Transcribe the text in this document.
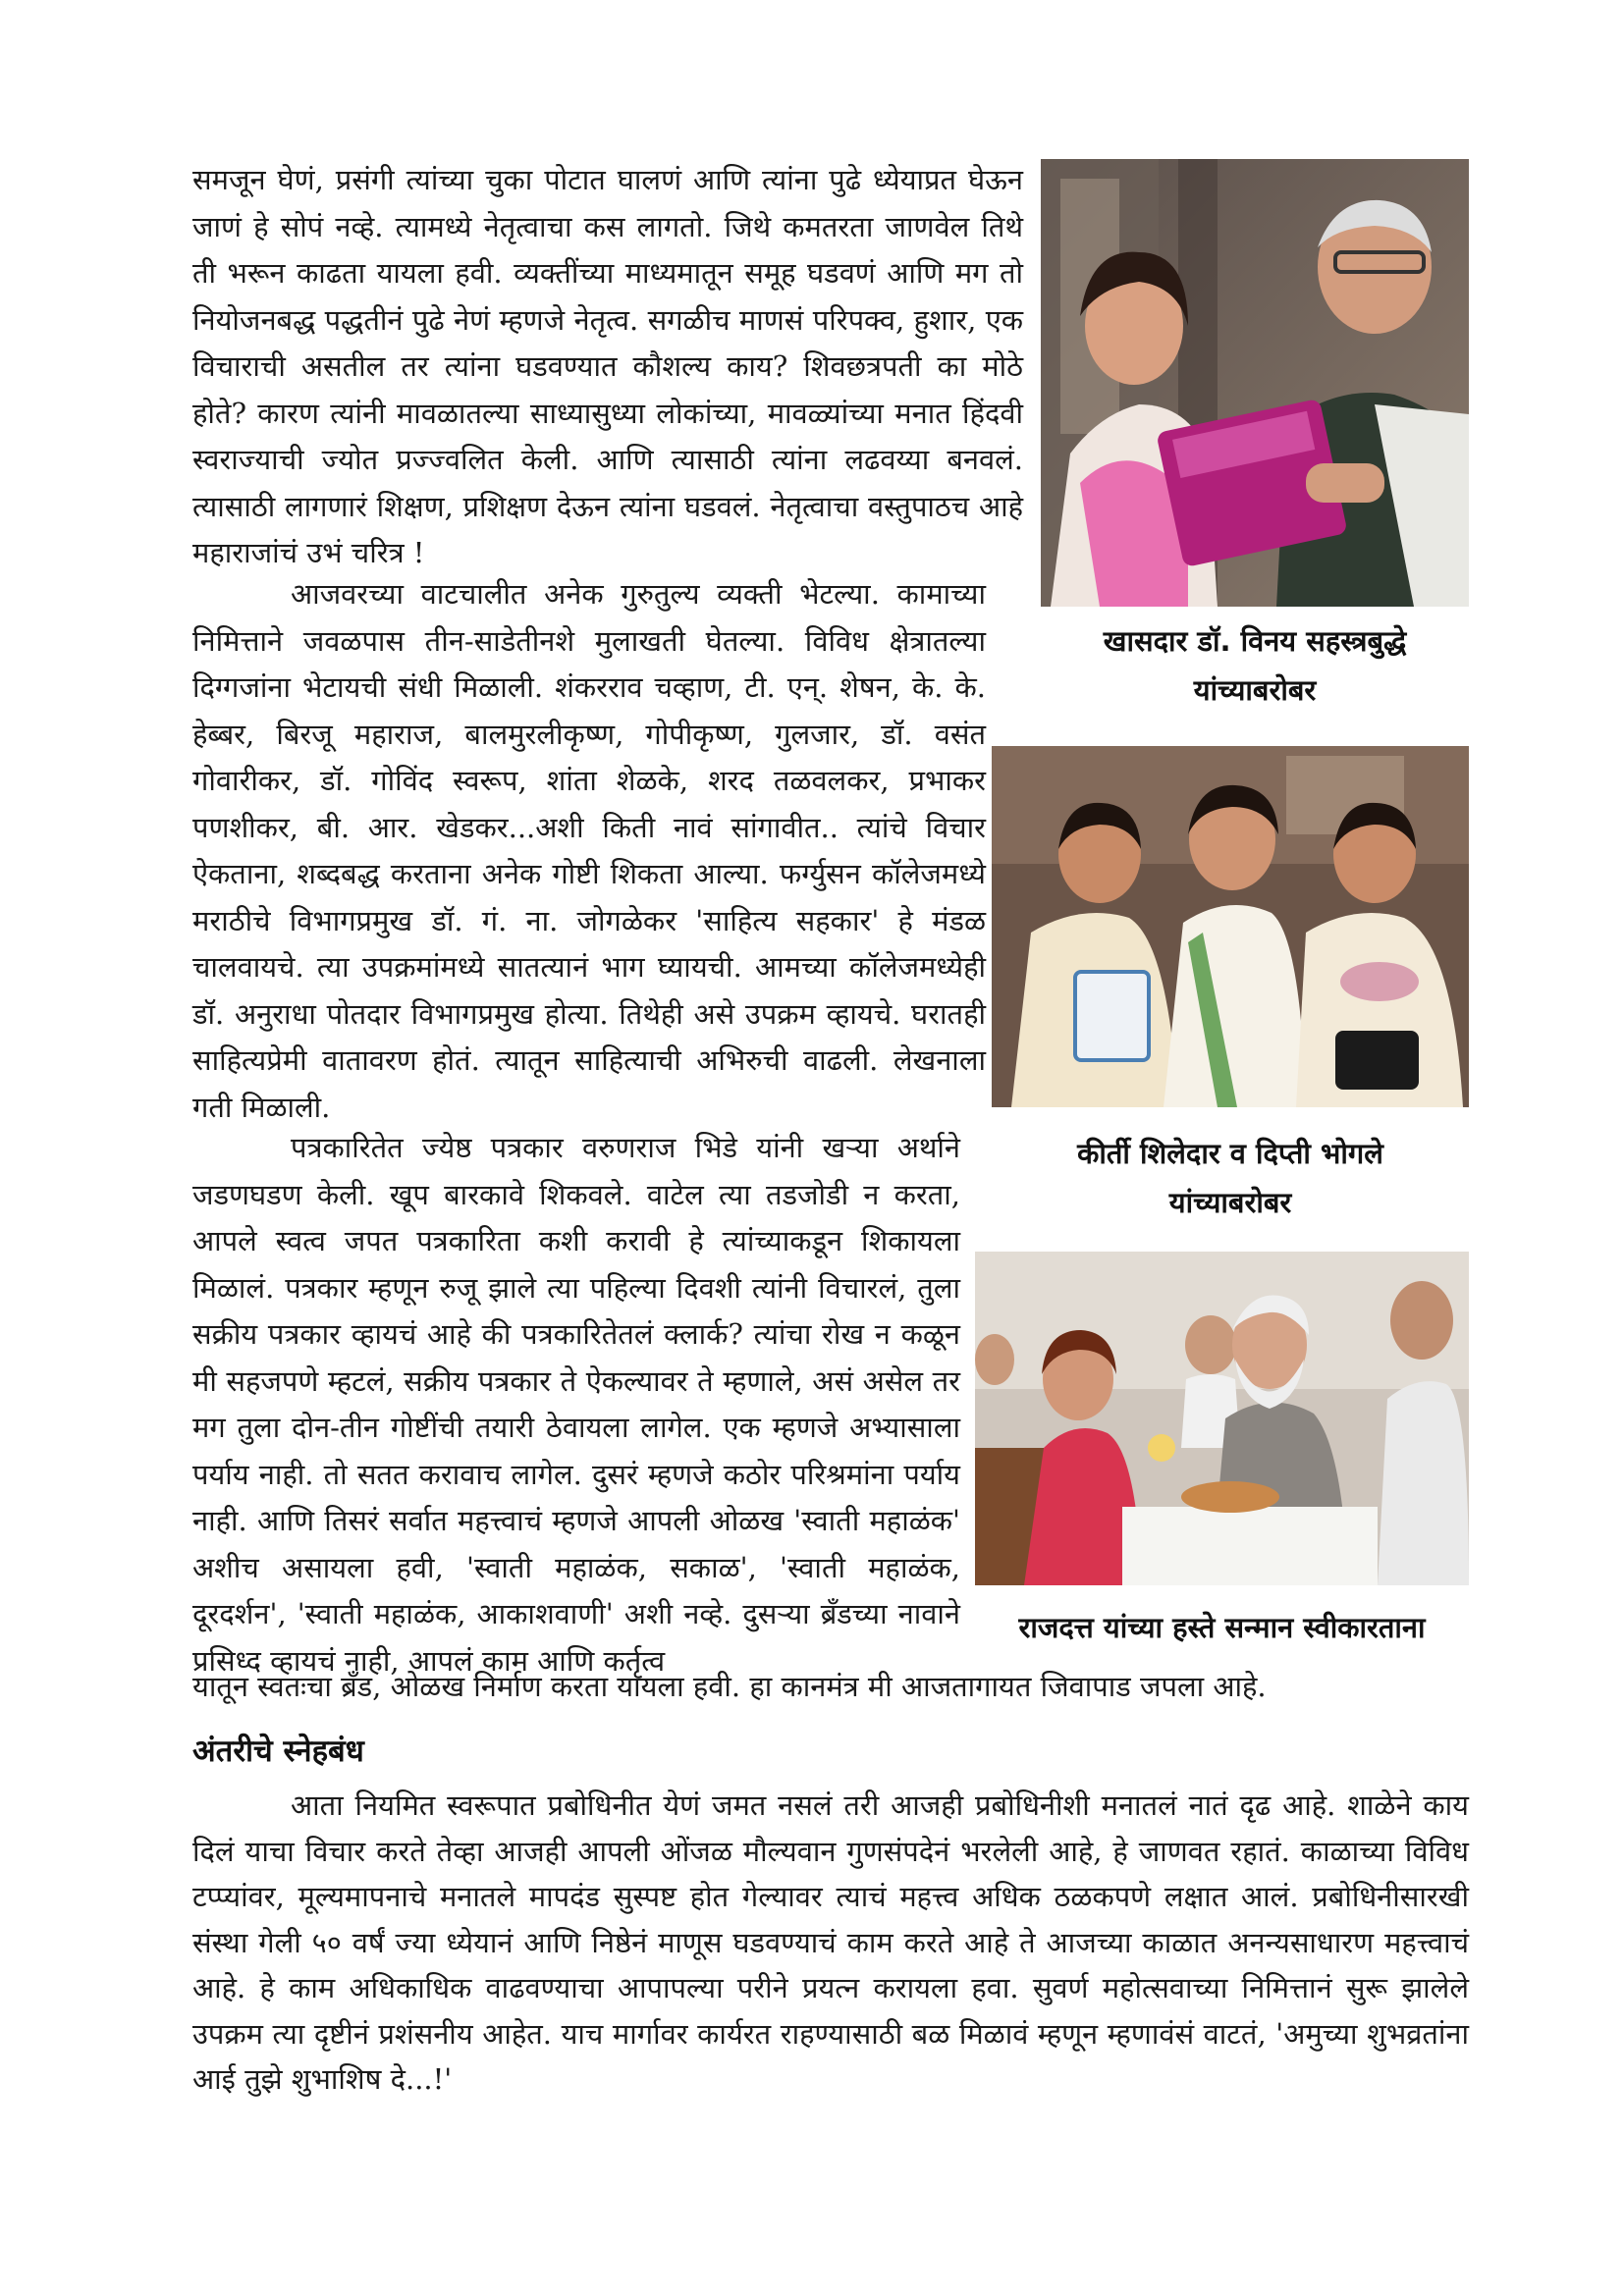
खासदार डॉ. विनय सहस्त्रबुद्धे
यांच्याबरोबर
कीर्ती शिलेदार व दिप्ती भोगले
यांच्याबरोबर
राजदत्त यांच्या हस्ते सन्मान स्वीकारताना

समजून घेणं, प्रसंगी त्यांच्या चुका पोटात घालणं आणि त्यांना पुढे ध्येयाप्रत घेऊन जाणं हे सोपं नव्हे. त्यामध्ये नेतृत्वाचा कस लागतो. जिथे कमतरता जाणवेल तिथे ती भरून काढता यायला हवी. व्यक्तींच्या माध्यमातून समूह घडवणं आणि मग तो नियोजनबद्ध पद्धतीनं पुढे नेणं म्हणजे नेतृत्व. सगळीच माणसं परिपक्व, हुशार, एक विचाराची असतील तर त्यांना घडवण्यात कौशल्य काय? शिवछत्रपती का मोठे होते? कारण त्यांनी मावळातल्या साध्यासुध्या लोकांच्या, मावळ्यांच्या मनात हिंदवी स्वराज्याची ज्योत प्रज्ज्वलित केली. आणि त्यासाठी त्यांना लढवय्या बनवलं. त्यासाठी लागणारं शिक्षण, प्रशिक्षण देऊन त्यांना घडवलं. नेतृत्वाचा वस्तुपाठच आहे महाराजांचं उभं चरित्र !

आजवरच्या वाटचालीत अनेक गुरुतुल्य व्यक्ती भेटल्या. कामाच्या निमित्ताने जवळपास तीन-साडेतीनशे मुलाखती घेतल्या. विविध क्षेत्रातल्या दिग्गजांना भेटायची संधी मिळाली. शंकरराव चव्हाण, टी. एन्. शेषन, के. के. हेब्बर, बिरजू महाराज, बालमुरलीकृष्ण, गोपीकृष्ण, गुलजार, डॉ. वसंत गोवारीकर, डॉ. गोविंद स्वरूप, शांता शेळके, शरद तळवलकर, प्रभाकर पणशीकर, बी. आर. खेडकर...अशी किती नावं सांगावीत.. त्यांचे विचार ऐकताना, शब्दबद्ध करताना अनेक गोष्टी शिकता आल्या. फर्ग्युसन कॉलेजमध्ये मराठीचे विभागप्रमुख डॉ. गं. ना. जोगळेकर 'साहित्य सहकार' हे मंडळ चालवायचे. त्या उपक्रमांमध्ये सातत्यानं भाग घ्यायची. आमच्या कॉलेजमध्येही डॉ. अनुराधा पोतदार विभागप्रमुख होत्या. तिथेही असे उपक्रम व्हायचे. घरातही साहित्यप्रेमी वातावरण होतं. त्यातून साहित्याची अभिरुची वाढली. लेखनाला गती मिळाली.

पत्रकारितेत ज्येष्ठ पत्रकार वरुणराज भिडे यांनी खऱ्या अर्थाने जडणघडण केली. खूप बारकावे शिकवले. वाटेल त्या तडजोडी न करता, आपले स्वत्व जपत पत्रकारिता कशी करावी हे त्यांच्याकडून शिकायला मिळालं. पत्रकार म्हणून रुजू झाले त्या पहिल्या दिवशी त्यांनी विचारलं, तुला सक्रीय पत्रकार व्हायचं आहे की पत्रकारितेतलं क्लार्क? त्यांचा रोख न कळून मी सहजपणे म्हटलं, सक्रीय पत्रकार ते ऐकल्यावर ते म्हणाले, असं असेल तर मग तुला दोन-तीन गोष्टींची तयारी ठेवायला लागेल. एक म्हणजे अभ्यासाला पर्याय नाही. तो सतत करावाच लागेल. दुसरं म्हणजे कठोर परिश्रमांना पर्याय नाही. आणि तिसरं सर्वात महत्त्वाचं म्हणजे आपली ओळख 'स्वाती महाळंक' अशीच असायला हवी, 'स्वाती महाळंक, सकाळ', 'स्वाती महाळंक, दूरदर्शन', 'स्वाती महाळंक, आकाशवाणी' अशी नव्हे. दुसऱ्या ब्रँडच्या नावाने प्रसिध्द व्हायचं नाही, आपलं काम आणि कर्तृत्व

यातून स्वतःचा ब्रँड, ओळख निर्माण करता यायला हवी. हा कानमंत्र मी आजतागायत जिवापाड जपला आहे.

अंतरीचे स्नेहबंध

आता नियमित स्वरूपात प्रबोधिनीत येणं जमत नसलं तरी आजही प्रबोधिनीशी मनातलं नातं दृढ आहे. शाळेने काय दिलं याचा विचार करते तेव्हा आजही आपली ओंजळ मौल्यवान गुणसंपदेनं भरलेली आहे, हे जाणवत रहातं. काळाच्या विविध टप्प्यांवर, मूल्यमापनाचे मनातले मापदंड सुस्पष्ट होत गेल्यावर त्याचं महत्त्व अधिक ठळकपणे लक्षात आलं. प्रबोधिनीसारखी संस्था गेली ५० वर्षं ज्या ध्येयानं आणि निष्ठेनं माणूस घडवण्याचं काम करते आहे ते आजच्या काळात अनन्यसाधारण महत्त्वाचं आहे. हे काम अधिकाधिक वाढवण्याचा आपापल्या परीने प्रयत्न करायला हवा. सुवर्ण महोत्सवाच्या निमित्तानं सुरू झालेले उपक्रम त्या दृष्टीनं प्रशंसनीय आहेत. याच मार्गावर कार्यरत राहण्यासाठी बळ मिळावं म्हणून म्हणावंसं वाटतं, 'अमुच्या शुभव्रतांना आई तुझे शुभाशिष दे...!'
